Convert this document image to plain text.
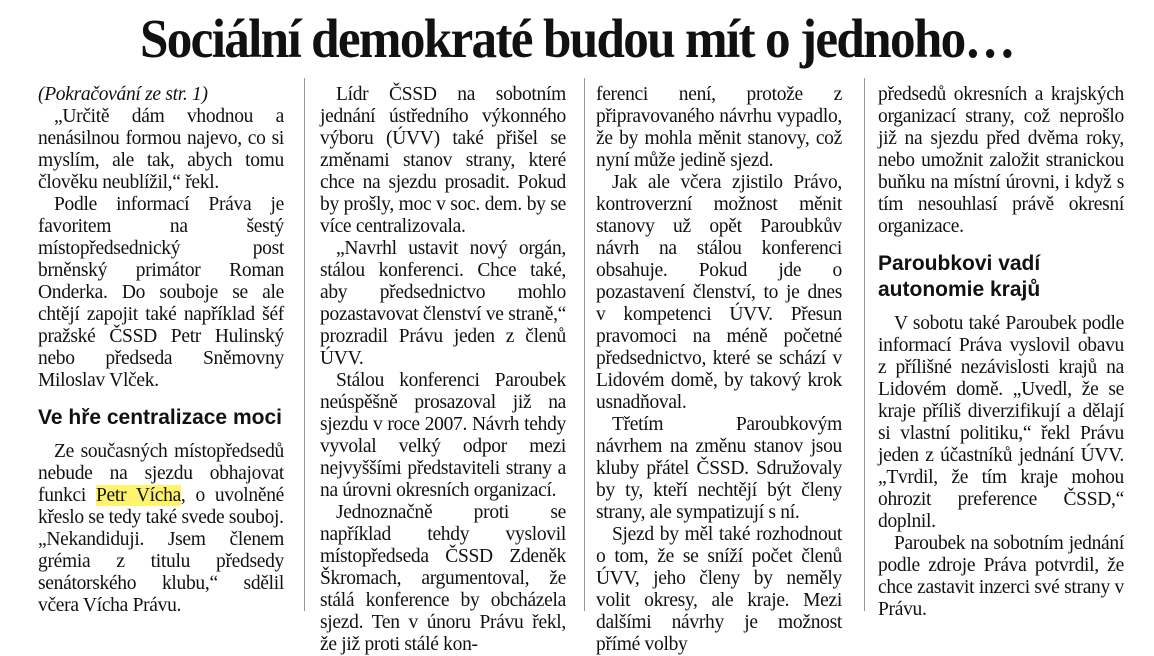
Sociální demokraté budou mít o jednoho…

(Pokračování ze str. 1)

„Určitě dám vhodnou a nenásilnou formou najevo, co si myslím, ale tak, abych tomu člověku neublížil,“ řekl.

Podle informací Práva je favoritem na šestý místopředsednický post brněnský primátor Roman Onderka. Do souboje se ale chtějí zapojit také například šéf pražské ČSSD Petr Hulinský nebo předseda Sněmovny Miloslav Vlček.

Ve hře centralizace moci

Ze současných místopředsedů nebude na sjezdu obhajovat funkci Petr Vícha, o uvolněné křeslo se tedy také svede souboj.

„Nekandiduji. Jsem členem grémia z titulu předsedy senátorského klubu,“ sdělil včera Vícha Právu.

Lídr ČSSD na sobotním jednání ústředního výkonného výboru (ÚVV) také přišel se změnami stanov strany, které chce na sjezdu prosadit. Pokud by prošly, moc v soc. dem. by se více centralizovala.

„Navrhl ustavit nový orgán, stálou konferenci. Chce také, aby předsednictvo mohlo pozastavovat členství ve straně,“ prozradil Právu jeden z členů ÚVV.

Stálou konferenci Paroubek neúspěšně prosazoval již na sjezdu v roce 2007. Návrh tehdy vyvolal velký odpor mezi nejvyššími představiteli strany a na úrovni okresních organizací.

Jednoznačně proti se například tehdy vyslovil místopředseda ČSSD Zdeněk Škromach, argumentoval, že stálá konference by obcházela sjezd. Ten v únoru Právu řekl, že již proti stálé kon-

ferenci není, protože z připravovaného návrhu vypadlo, že by mohla měnit stanovy, což nyní může jedině sjezd.

Jak ale včera zjistilo Právo, kontroverzní možnost měnit stanovy už opět Paroubkův návrh na stálou konferenci obsahuje. Pokud jde o pozastavení členství, to je dnes v kompetenci ÚVV. Přesun pravomoci na méně početné předsednictvo, které se schází v Lidovém domě, by takový krok usnadňoval.

Třetím Paroubkovým návrhem na změnu stanov jsou kluby přátel ČSSD. Sdružovaly by ty, kteří nechtějí být členy strany, ale sympatizují s ní.

Sjezd by měl také rozhodnout o tom, že se sníží počet členů ÚVV, jeho členy by neměly volit okresy, ale kraje. Mezi dalšími návrhy je možnost přímé volby

předsedů okresních a krajských organizací strany, což neprošlo již na sjezdu před dvěma roky, nebo umožnit založit stranickou buňku na místní úrovni, i když s tím nesouhlasí právě okresní organizace.

Paroubkovi vadí autonomie krajů

V sobotu také Paroubek podle informací Práva vyslovil obavu z přílišné nezávislosti krajů na Lidovém domě. „Uvedl, že se kraje příliš diverzifikují a dělají si vlastní politiku,“ řekl Právu jeden z účastníků jednání ÚVV. „Tvrdil, že tím kraje mohou ohrozit preference ČSSD,“ doplnil.

Paroubek na sobotním jednání podle zdroje Práva potvrdil, že chce zastavit inzerci své strany v Právu.
